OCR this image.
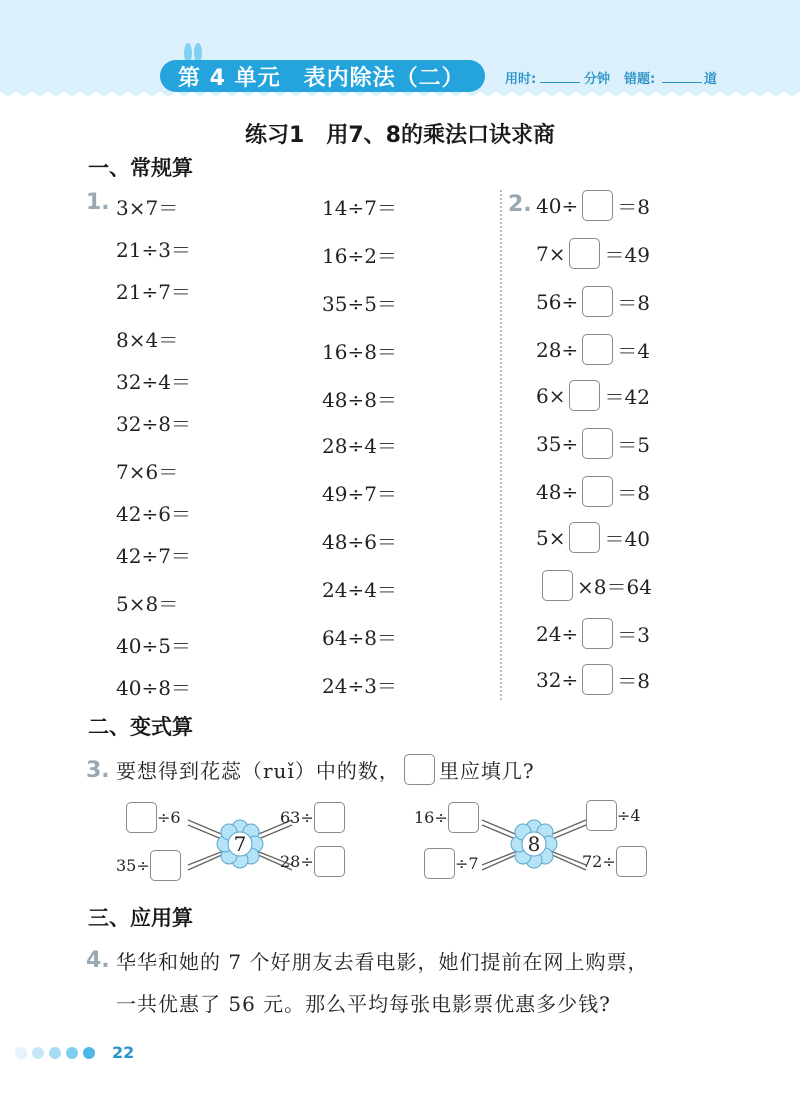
第 4 单元　表内除法（二）	用时:	分钟 错题:	道
练习1　用7、8的乘法口诀求商
一、常规算
1. 3×7＝
21÷3＝
21÷7＝
8×4＝
32÷4＝
32÷8＝
7×6＝
42÷6＝
42÷7＝
5×8＝
40÷5＝
40÷8＝
14÷7＝
16÷2＝
35÷5＝
16÷8＝
48÷8＝
28÷4＝
49÷7＝
48÷6＝
24÷4＝
64÷8＝
24÷3＝
2. 40÷ ＝8
7× ＝49
56÷ ＝8
28÷ ＝4
6× ＝42
35÷ ＝5
48÷ ＝8
5× ＝40
×8＝64
24÷ ＝3
32÷ ＝8
二、变式算
3. 要想得到花蕊（ruǐ）中的数， 里应填几?
7
÷6	63÷
35÷	28÷
8
16÷	÷4
÷7	72÷
三、应用算
4. 华华和她的 7 个好朋友去看电影，她们提前在网上购票，
一共优惠了 56 元。那么平均每张电影票优惠多少钱?
22
